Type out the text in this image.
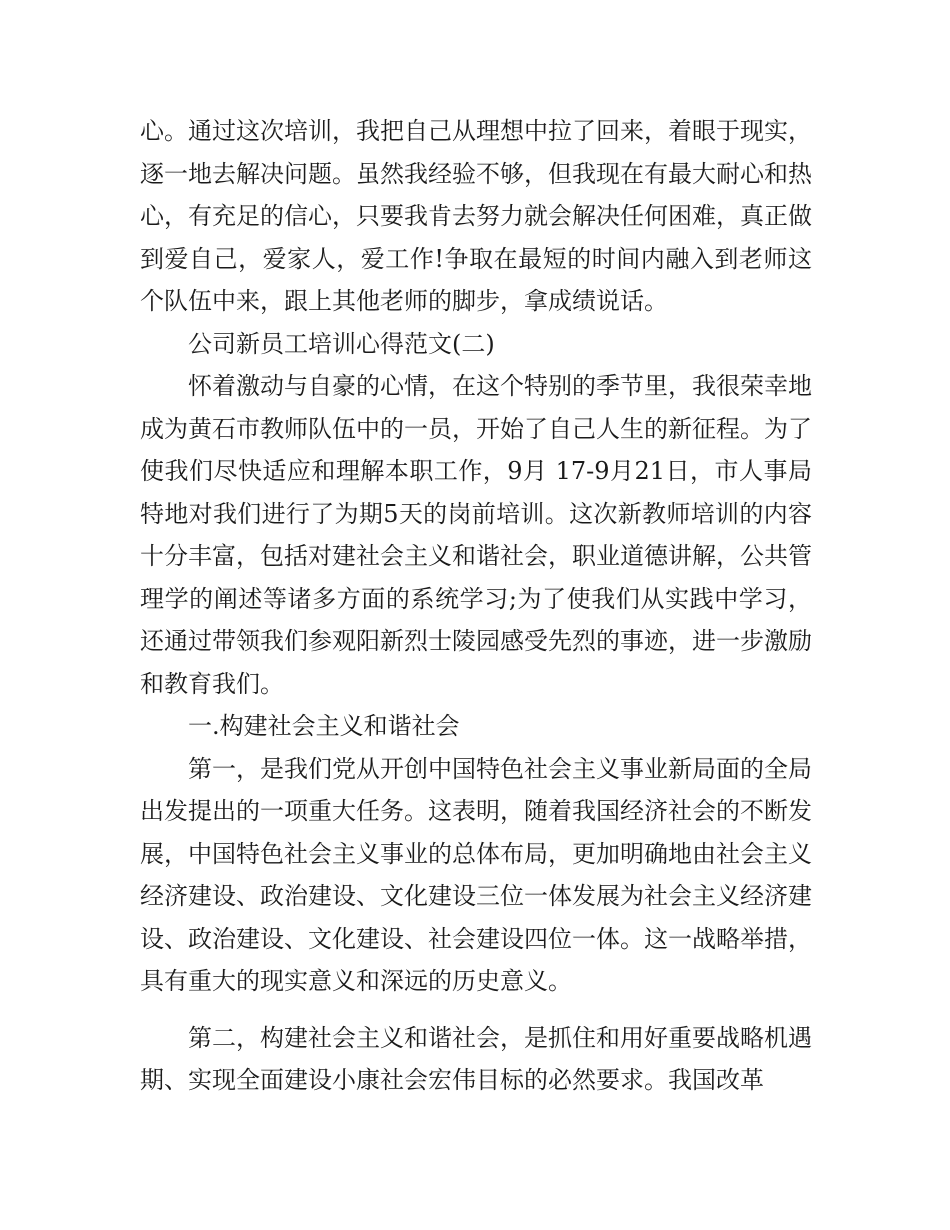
心。通过这次培训，我把自己从理想中拉了回来，着眼于现实，逐一地去解决问题。虽然我经验不够，但我现在有最大耐心和热心，有充足的信心，只要我肯去努力就会解决任何困难，真正做到爱自己，爱家人，爱工作!争取在最短的时间内融入到老师这个队伍中来，跟上其他老师的脚步，拿成绩说话。

公司新员工培训心得范文(二)

怀着激动与自豪的心情，在这个特别的季节里，我很荣幸地成为黄石市教师队伍中的一员，开始了自己人生的新征程。为了使我们尽快适应和理解本职工作，9月 17-9月21日，市人事局特地对我们进行了为期5天的岗前培训。这次新教师培训的内容十分丰富，包括对建社会主义和谐社会，职业道德讲解，公共管理学的阐述等诸多方面的系统学习;为了使我们从实践中学习，还通过带领我们参观阳新烈士陵园感受先烈的事迹，进一步激励和教育我们。

一.构建社会主义和谐社会

第一，是我们党从开创中国特色社会主义事业新局面的全局出发提出的一项重大任务。这表明，随着我国经济社会的不断发展，中国特色社会主义事业的总体布局，更加明确地由社会主义经济建设、政治建设、文化建设三位一体发展为社会主义经济建设、政治建设、文化建设、社会建设四位一体。这一战略举措，具有重大的现实意义和深远的历史意义。

第二，构建社会主义和谐社会，是抓住和用好重要战略机遇期、实现全面建设小康社会宏伟目标的必然要求。我国改革
